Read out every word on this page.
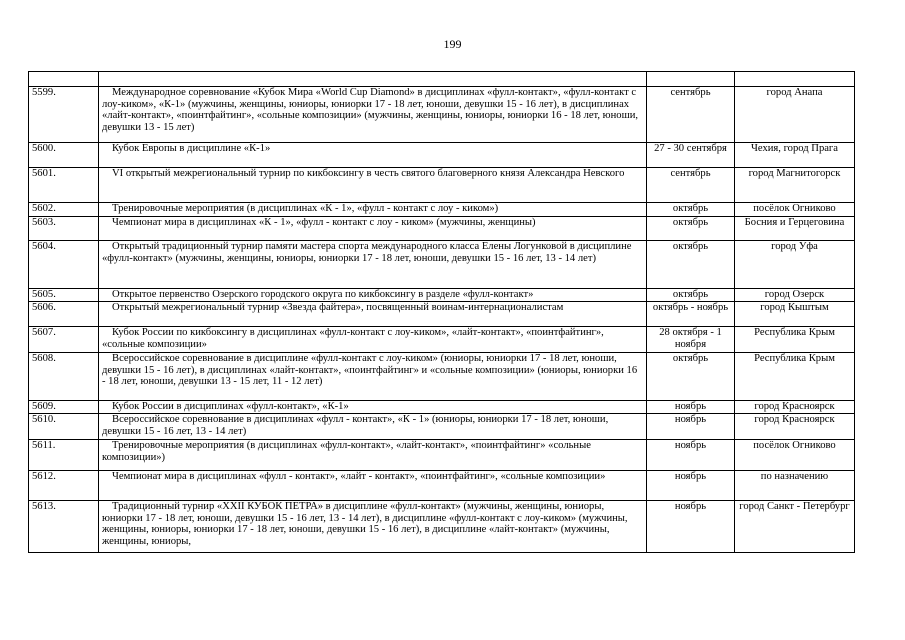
199

5599.	Международное соревнование «Кубок Мира «World Cup Diamond» в дисциплинах «фулл-контакт», «фулл-контакт с лоу-киком», «К-1» (мужчины, женщины, юниоры, юниорки 17 - 18 лет, юноши, девушки 15 - 16 лет), в дисциплинах «лайт-контакт», «поинтфайтинг», «сольные композиции» (мужчины, женщины, юниоры, юниорки 16 - 18 лет, юноши, девушки 13 - 15 лет)	сентябрь	город Анапа
5600.	Кубок Европы в дисциплине «К-1»	27 - 30 сентября	Чехия, город Прага
5601.	VI открытый межрегиональный турнир по кикбоксингу в честь святого благоверного князя Александра Невского	сентябрь	город Магнитогорск
5602.	Тренировочные мероприятия (в дисциплинах «К - 1», «фулл - контакт с лоу - киком»)	октябрь	посёлок Огниково
5603.	Чемпионат мира в дисциплинах «К - 1», «фулл - контакт с лоу - киком» (мужчины, женщины)	октябрь	Босния и Герцеговина
5604.	Открытый традиционный турнир памяти мастера спорта международного класса Елены Логунковой в дисциплине «фулл-контакт» (мужчины, женщины, юниоры, юниорки 17 - 18 лет, юноши, девушки 15 - 16 лет, 13 - 14 лет)	октябрь	город Уфа
5605.	Открытое первенство Озерского городского округа по кикбоксингу в разделе «фулл-контакт»	октябрь	город Озерск
5606.	Открытый межрегиональный турнир «Звезда файтера», посвященный воинам-интернационалистам	октябрь - ноябрь	город Кыштым
5607.	Кубок России по кикбоксингу в дисциплинах «фулл-контакт с лоу-киком», «лайт-контакт», «поинтфайтинг», «сольные композиции»	28 октября - 1 ноября	Республика Крым
5608.	Всероссийское соревнование в дисциплине «фулл-контакт с лоу-киком» (юниоры, юниорки 17 - 18 лет, юноши, девушки 15 - 16 лет), в дисциплинах «лайт-контакт», «поинтфайтинг» и «сольные композиции» (юниоры, юниорки 16 - 18 лет, юноши, девушки 13 - 15 лет, 11 - 12 лет)	октябрь	Республика Крым
5609.	Кубок России в дисциплинах «фулл-контакт», «К-1»	ноябрь	город Красноярск
5610.	Всероссийское соревнование в дисциплинах «фулл - контакт», «К - 1» (юниоры, юниорки 17 - 18 лет, юноши, девушки 15 - 16 лет, 13 - 14 лет)	ноябрь	город Красноярск
5611.	Тренировочные мероприятия (в дисциплинах «фулл-контакт», «лайт-контакт», «поинтфайтинг» «сольные композиции»)	ноябрь	посёлок Огниково
5612.	Чемпионат мира в дисциплинах «фулл - контакт», «лайт - контакт», «поинтфайтинг», «сольные композиции»	ноябрь	по назначению
5613.	Традиционный турнир «XXII КУБОК ПЕТРА» в дисциплине «фулл-контакт» (мужчины, женщины, юниоры, юниорки 17 - 18 лет, юноши, девушки 15 - 16 лет, 13 - 14 лет), в дисциплине «фулл-контакт с лоу-киком» (мужчины, женщины, юниоры, юниорки 17 - 18 лет, юноши, девушки 15 - 16 лет), в дисциплине «лайт-контакт» (мужчины, женщины, юниоры,	ноябрь	город Санкт - Петербург
